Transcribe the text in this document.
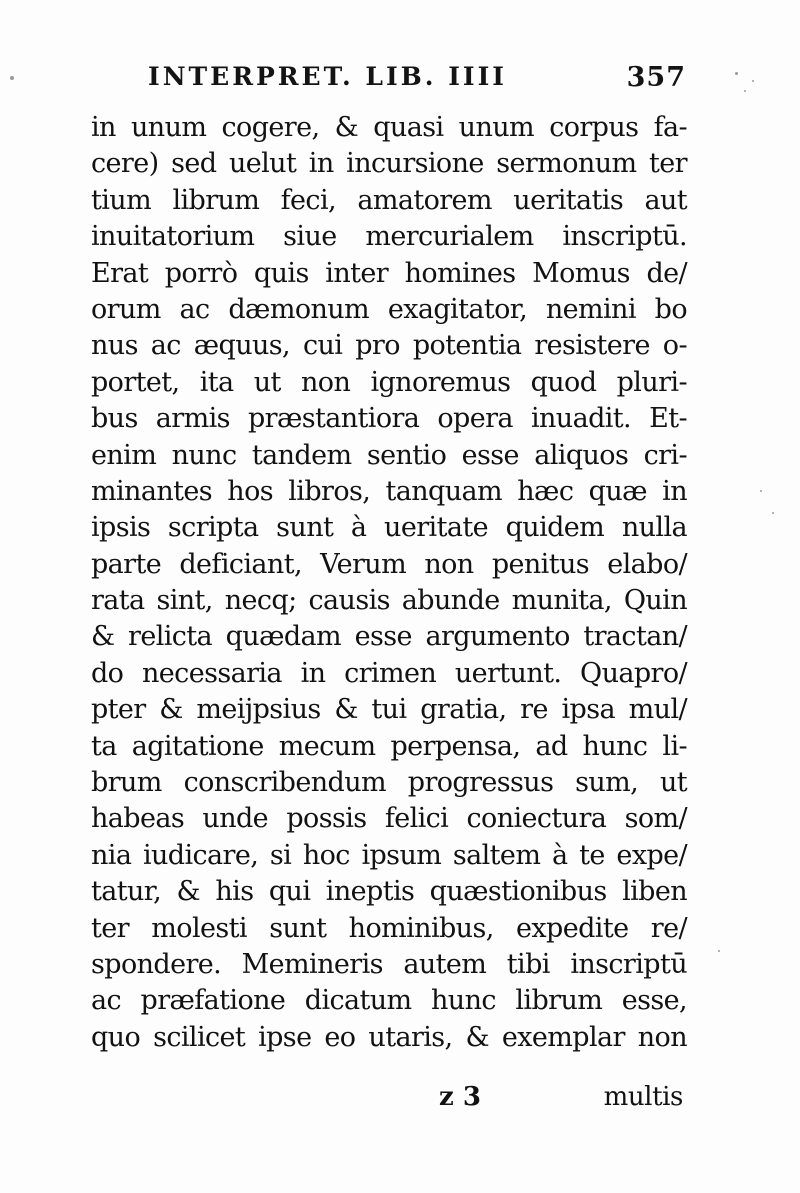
INTERPRET. LIB. IIII	357
in unum cogere, & quasi unum corpus fa-
cere) sed uelut in incursione sermonum ter
tium librum feci, amatorem ueritatis aut
inuitatorium siue mercurialem inscriptū.
Erat porrò quis inter homines Momus de/
orum ac dæmonum exagitator, nemini bo
nus ac æquus, cui pro potentia resistere o-
portet, ita ut non ignoremus quod pluri-
bus armis præstantiora opera inuadit. Et-
enim nunc tandem sentio esse aliquos cri-
minantes hos libros, tanquam hæc quæ in
ipsis scripta sunt à ueritate quidem nulla
parte deficiant, Verum non penitus elabo/
rata sint, necq; causis abunde munita, Quin
& relicta quædam esse argumento tractan/
do necessaria in crimen uertunt. Quapro/
pter & meijpsius & tui gratia, re ipsa mul/
ta agitatione mecum perpensa, ad hunc li-
brum conscribendum progressus sum, ut
habeas unde possis felici coniectura som/
nia iudicare, si hoc ipsum saltem à te expe/
tatur, & his qui ineptis quæstionibus liben
ter molesti sunt hominibus, expedite re/
spondere. Memineris autem tibi inscriptū
ac præfatione dicatum hunc librum esse,
quo scilicet ipse eo utaris, & exemplar non
z 3	multis
